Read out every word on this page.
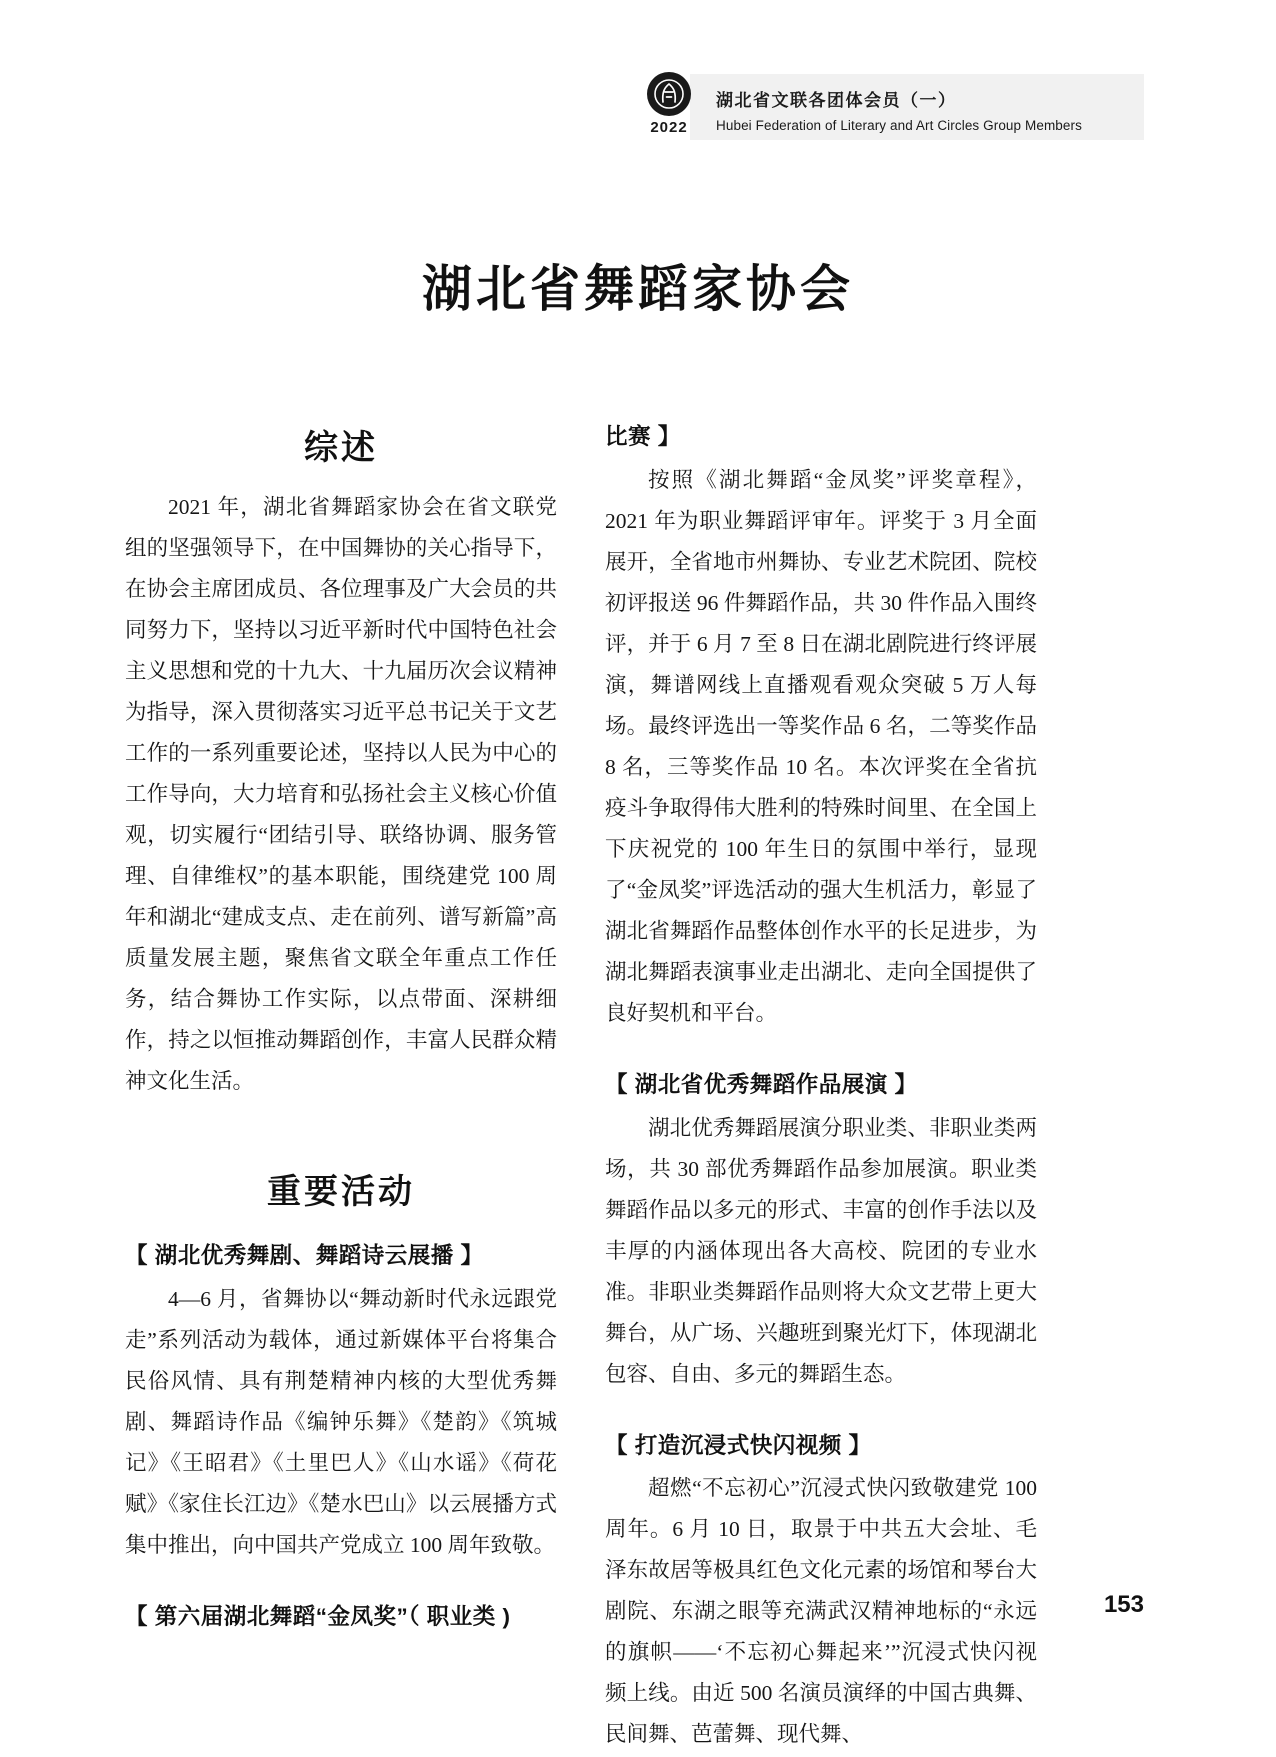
2022
湖北省文联各团体会员（一）
Hubei Federation of Literary and Art Circles Group Members
湖北省舞蹈家协会
综述

2021 年，湖北省舞蹈家协会在省文联党组的坚强领导下，在中国舞协的关心指导下，在协会主席团成员、各位理事及广大会员的共同努力下，坚持以习近平新时代中国特色社会主义思想和党的十九大、十九届历次会议精神为指导，深入贯彻落实习近平总书记关于文艺工作的一系列重要论述，坚持以人民为中心的工作导向，大力培育和弘扬社会主义核心价值观，切实履行“团结引导、联络协调、服务管理、自律维权”的基本职能，围绕建党 100 周年和湖北“建成支点、走在前列、谱写新篇”高质量发展主题，聚焦省文联全年重点工作任务，结合舞协工作实际，以点带面、深耕细作，持之以恒推动舞蹈创作，丰富人民群众精神文化生活。

重要活动
【 湖北优秀舞剧、舞蹈诗云展播 】

4—6 月，省舞协以“舞动新时代永远跟党走”系列活动为载体，通过新媒体平台将集合民俗风情、具有荆楚精神内核的大型优秀舞剧、舞蹈诗作品《编钟乐舞》《楚韵》《筑城记》《王昭君》《土里巴人》《山水谣》《荷花赋》《家住长江边》《楚水巴山》以云展播方式集中推出，向中国共产党成立 100 周年致敬。

【 第六届湖北舞蹈“金凤奖”（ 职业类 )
比赛 】

按照《湖北舞蹈“金凤奖”评奖章程》，2021 年为职业舞蹈评审年。评奖于 3 月全面展开，全省地市州舞协、专业艺术院团、院校初评报送 96 件舞蹈作品，共 30 件作品入围终评，并于 6 月 7 至 8 日在湖北剧院进行终评展演，舞谱网线上直播观看观众突破 5 万人每场。最终评选出一等奖作品 6 名，二等奖作品 8 名，三等奖作品 10 名。本次评奖在全省抗疫斗争取得伟大胜利的特殊时间里、在全国上下庆祝党的 100 年生日的氛围中举行，显现了“金凤奖”评选活动的强大生机活力，彰显了湖北省舞蹈作品整体创作水平的长足进步，为湖北舞蹈表演事业走出湖北、走向全国提供了良好契机和平台。

【 湖北省优秀舞蹈作品展演 】

湖北优秀舞蹈展演分职业类、非职业类两场，共 30 部优秀舞蹈作品参加展演。职业类舞蹈作品以多元的形式、丰富的创作手法以及丰厚的内涵体现出各大高校、院团的专业水准。非职业类舞蹈作品则将大众文艺带上更大舞台，从广场、兴趣班到聚光灯下，体现湖北包容、自由、多元的舞蹈生态。

【 打造沉浸式快闪视频 】

超燃“不忘初心”沉浸式快闪致敬建党 100 周年。6 月 10 日，取景于中共五大会址、毛泽东故居等极具红色文化元素的场馆和琴台大剧院、东湖之眼等充满武汉精神地标的“永远的旗帜——‘不忘初心舞起来’”沉浸式快闪视频上线。由近 500 名演员演绎的中国古典舞、民间舞、芭蕾舞、现代舞、

153
